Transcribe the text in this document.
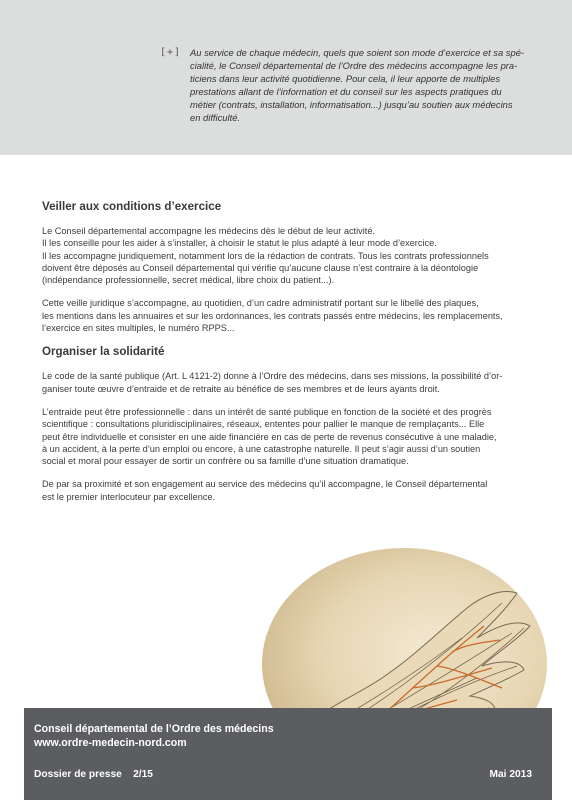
[+] Au service de chaque médecin, quels que soient son mode d’exercice et sa spé-
cialité, le Conseil départemental de l’Ordre des médecins accompagne les pra-
ticiens dans leur activité quotidienne. Pour cela, il leur apporte de multiples
prestations allant de l’information et du conseil sur les aspects pratiques du
métier (contrats, installation, informatisation...) jusqu’au soutien aux médecins
en difficulté.

Veiller aux conditions d’exercice

Le Conseil départemental accompagne les médecins dès le début de leur activité.
Il les conseille pour les aider à s’installer, à choisir le statut le plus adapté à leur mode d’exercice.
Il les accompagne juridiquement, notamment lors de la rédaction de contrats. Tous les contrats professionnels
doivent être déposés au Conseil départemental qui vérifie qu’aucune clause n’est contraire à la déontologie
(indépendance professionnelle, secret médical, libre choix du patient...).

Cette veille juridique s’accompagne, au quotidien, d’un cadre administratif portant sur le libellé des plaques,
les mentions dans les annuaires et sur les ordonnances, les contrats passés entre médecins, les remplacements,
l’exercice en sites multiples, le numéro RPPS...

Organiser la solidarité

Le code de la santé publique (Art. L 4121-2) donne à l’Ordre des médecins, dans ses missions, la possibilité d’or-
ganiser toute œuvre d’entraide et de retraite au bénéfice de ses membres et de leurs ayants droit.

L’entraide peut être professionnelle : dans un intérêt de santé publique en fonction de la société et des progrès
scientifique : consultations pluridisciplinaires, réseaux, ententes pour pallier le manque de remplaçants... Elle
peut être individuelle et consister en une aide financière en cas de perte de revenus consécutive à une maladie,
à un accident, à la perte d’un emploi ou encore, à une catastrophe naturelle. Il peut s’agir aussi d’un soutien
social et moral pour essayer de sortir un confrère ou sa famille d’une situation dramatique.

De par sa proximité et son engagement au service des médecins qu’il accompagne, le Conseil départemental
est le premier interlocuteur par excellence.

Conseil départemental de l’Ordre des médecins
www.ordre-medecin-nord.com
Dossier de presse    2/15	Mai 2013
